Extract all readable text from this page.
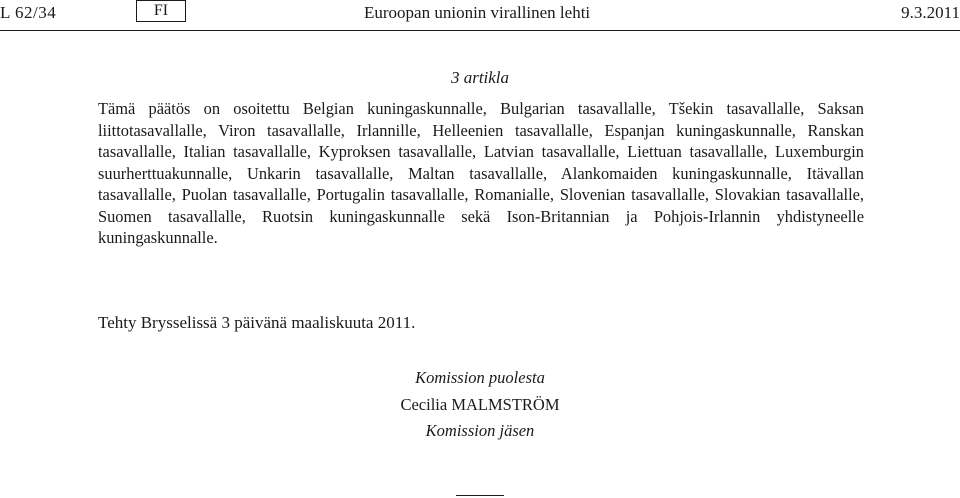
L 62/34	FI	Euroopan unionin virallinen lehti	9.3.2011
3 artikla

Tämä päätös on osoitettu Belgian kuningaskunnalle, Bulgarian tasavallalle, Tšekin tasavallalle, Saksan liittotasavallalle, Viron tasavallalle, Irlannille, Helleenien tasavallalle, Espanjan kuningaskunnalle, Ranskan tasavallalle, Italian tasavallalle, Kyproksen tasavallalle, Latvian tasavallalle, Liettuan tasavallalle, Luxemburgin suurherttuakunnalle, Unkarin tasavallalle, Maltan tasavallalle, Alankomaiden kuningaskunnalle, Itävallan tasavallalle, Puolan tasavallalle, Portugalin tasavallalle, Romanialle, Slovenian tasavallalle, Slovakian tasavallalle, Suomen tasavallalle, Ruotsin kuningaskunnalle sekä Ison-Britannian ja Pohjois-Irlannin yhdistyneelle kuningaskunnalle.

Tehty Brysselissä 3 päivänä maaliskuuta 2011.
Komission puolesta
Cecilia MALMSTRÖM
Komission jäsen
